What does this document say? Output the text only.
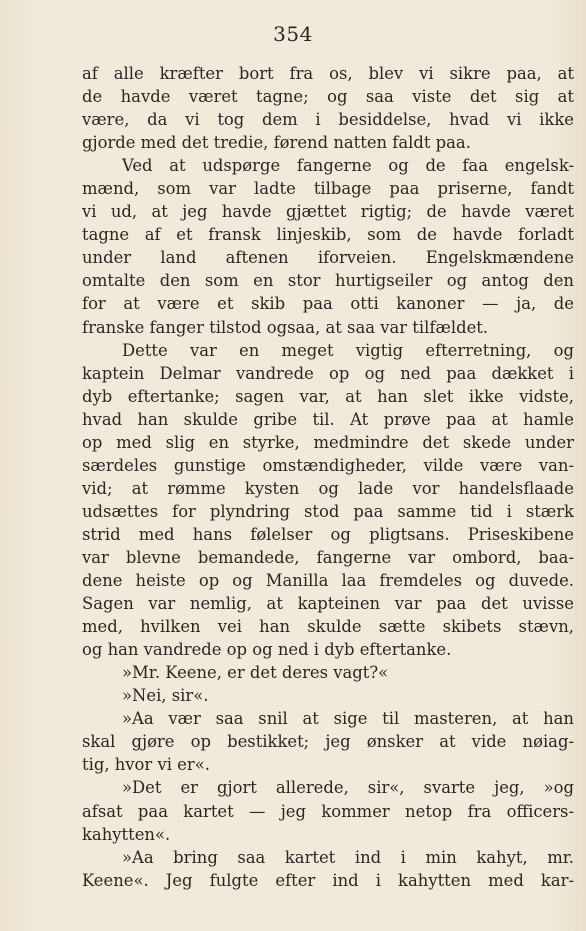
354
af alle kræfter bort fra os, blev vi sikre paa, at
de havde været tagne; og saa viste det sig at
være, da vi tog dem i besiddelse, hvad vi ikke
gjorde med det tredie, førend natten faldt paa.
Ved at udspørge fangerne og de faa engelsk-
mænd, som var ladte tilbage paa priserne, fandt
vi ud, at jeg havde gjættet rigtig; de havde været
tagne af et fransk linjeskib, som de havde forladt
under land aftenen iforveien. Engelskmændene
omtalte den som en stor hurtigseiler og antog den
for at være et skib paa otti kanoner — ja, de
franske fanger tilstod ogsaa, at saa var tilfældet.
Dette var en meget vigtig efterretning, og
kaptein Delmar vandrede op og ned paa dækket i
dyb eftertanke; sagen var, at han slet ikke vidste,
hvad han skulde gribe til. At prøve paa at hamle
op med slig en styrke, medmindre det skede under
særdeles gunstige omstændigheder, vilde være van-
vid; at rømme kysten og lade vor handelsflaade
udsættes for plyndring stod paa samme tid i stærk
strid med hans følelser og pligtsans. Priseskibene
var blevne bemandede, fangerne var ombord, baa-
dene heiste op og Manilla laa fremdeles og duvede.
Sagen var nemlig, at kapteinen var paa det uvisse
med, hvilken vei han skulde sætte skibets stævn,
og han vandrede op og ned i dyb eftertanke.
»Mr. Keene, er det deres vagt?«
»Nei, sir«.
»Aa vær saa snil at sige til masteren, at han
skal gjøre op bestikket; jeg ønsker at vide nøiag-
tig, hvor vi er«.
»Det er gjort allerede, sir«, svarte jeg, »og
afsat paa kartet — jeg kommer netop fra officers-
kahytten«.
»Aa bring saa kartet ind i min kahyt, mr.
Keene«. Jeg fulgte efter ind i kahytten med kar-
